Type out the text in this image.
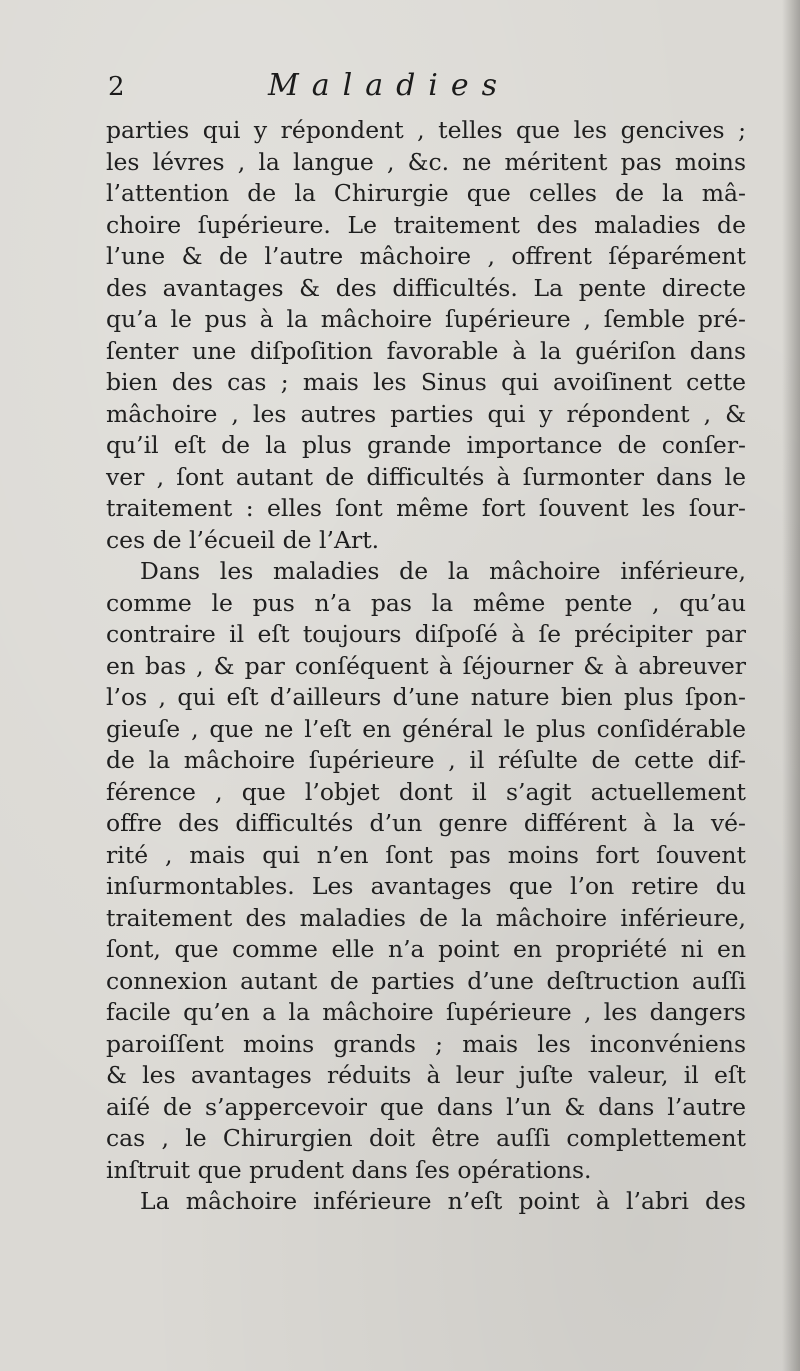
2	Maladies
parties qui y répondent , telles que les gencives ;
les lévres , la langue , &c. ne méritent pas moins
l’attention de la Chirurgie que celles de la mâ-
choire ſupérieure. Le traitement des maladies de
l’une & de l’autre mâchoire , offrent ſéparément
des avantages & des difficultés. La pente directe
qu’a le pus à la mâchoire ſupérieure , ſemble pré-
ſenter une diſpoſition favorable à la guériſon dans
bien des cas ; mais les Sinus qui avoiſinent cette
mâchoire , les autres parties qui y répondent , &
qu’il eſt de la plus grande importance de conſer-
ver , ſont autant de difficultés à ſurmonter dans le
traitement : elles ſont même fort ſouvent les ſour-
ces de l’écueil de l’Art.
Dans les maladies de la mâchoire inférieure,
comme le pus n’a pas la même pente , qu’au
contraire il eſt toujours diſpoſé à ſe précipiter par
en bas , & par conſéquent à ſéjourner & à abreuver
l’os , qui eſt d’ailleurs d’une nature bien plus ſpon-
gieuſe , que ne l’eſt en général le plus conſidérable
de la mâchoire ſupérieure , il réſulte de cette dif-
férence , que l’objet dont il s’agit actuellement
offre des difficultés d’un genre différent à la vé-
rité , mais qui n’en ſont pas moins fort ſouvent
inſurmontables. Les avantages que l’on retire du
traitement des maladies de la mâchoire inférieure,
ſont, que comme elle n’a point en propriété ni en
connexion autant de parties d’une deſtruction auſſi
facile qu’en a la mâchoire ſupérieure , les dangers
paroiſſent moins grands ; mais les inconvéniens
& les avantages réduits à leur juſte valeur, il eſt
aiſé de s’appercevoir que dans l’un & dans l’autre
cas , le Chirurgien doit être auſſi complettement
inſtruit que prudent dans ſes opérations.
La mâchoire inférieure n’eſt point à l’abri des
